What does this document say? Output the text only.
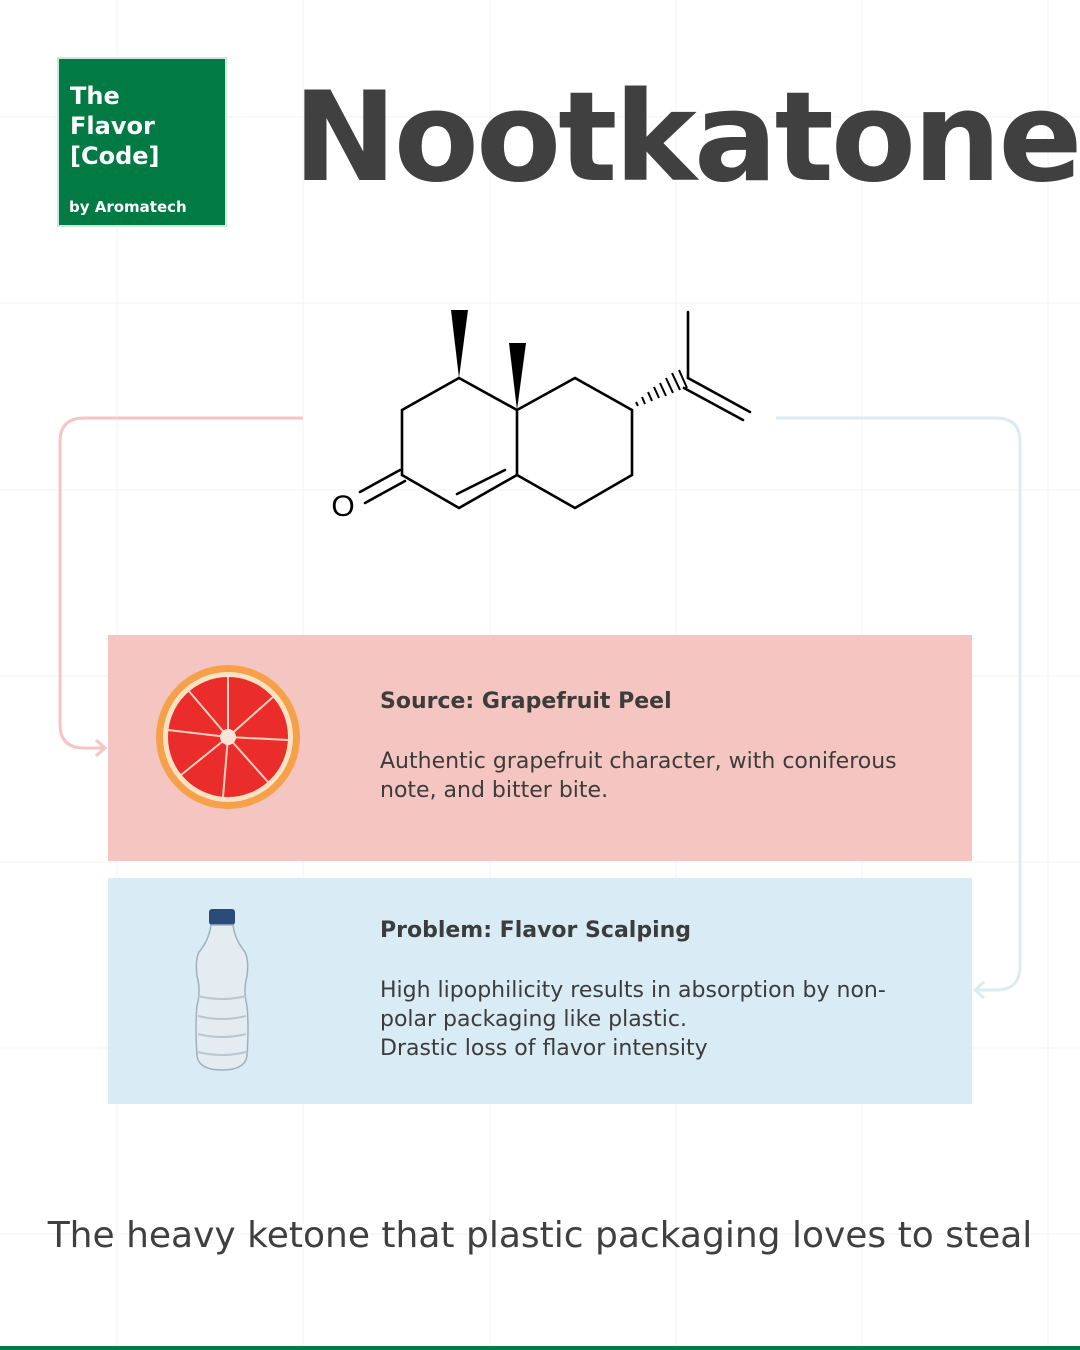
The
Flavor
[Code]
by Aromatech Nootkatone
O
Source: Grapefruit Peel

Authentic grapefruit character, with coniferous note, and bitter bite.

Problem: Flavor Scalping

High lipophilicity results in absorption by non-polar packaging like plastic.

Drastic loss of flavor intensity

The heavy ketone that plastic packaging loves to steal
